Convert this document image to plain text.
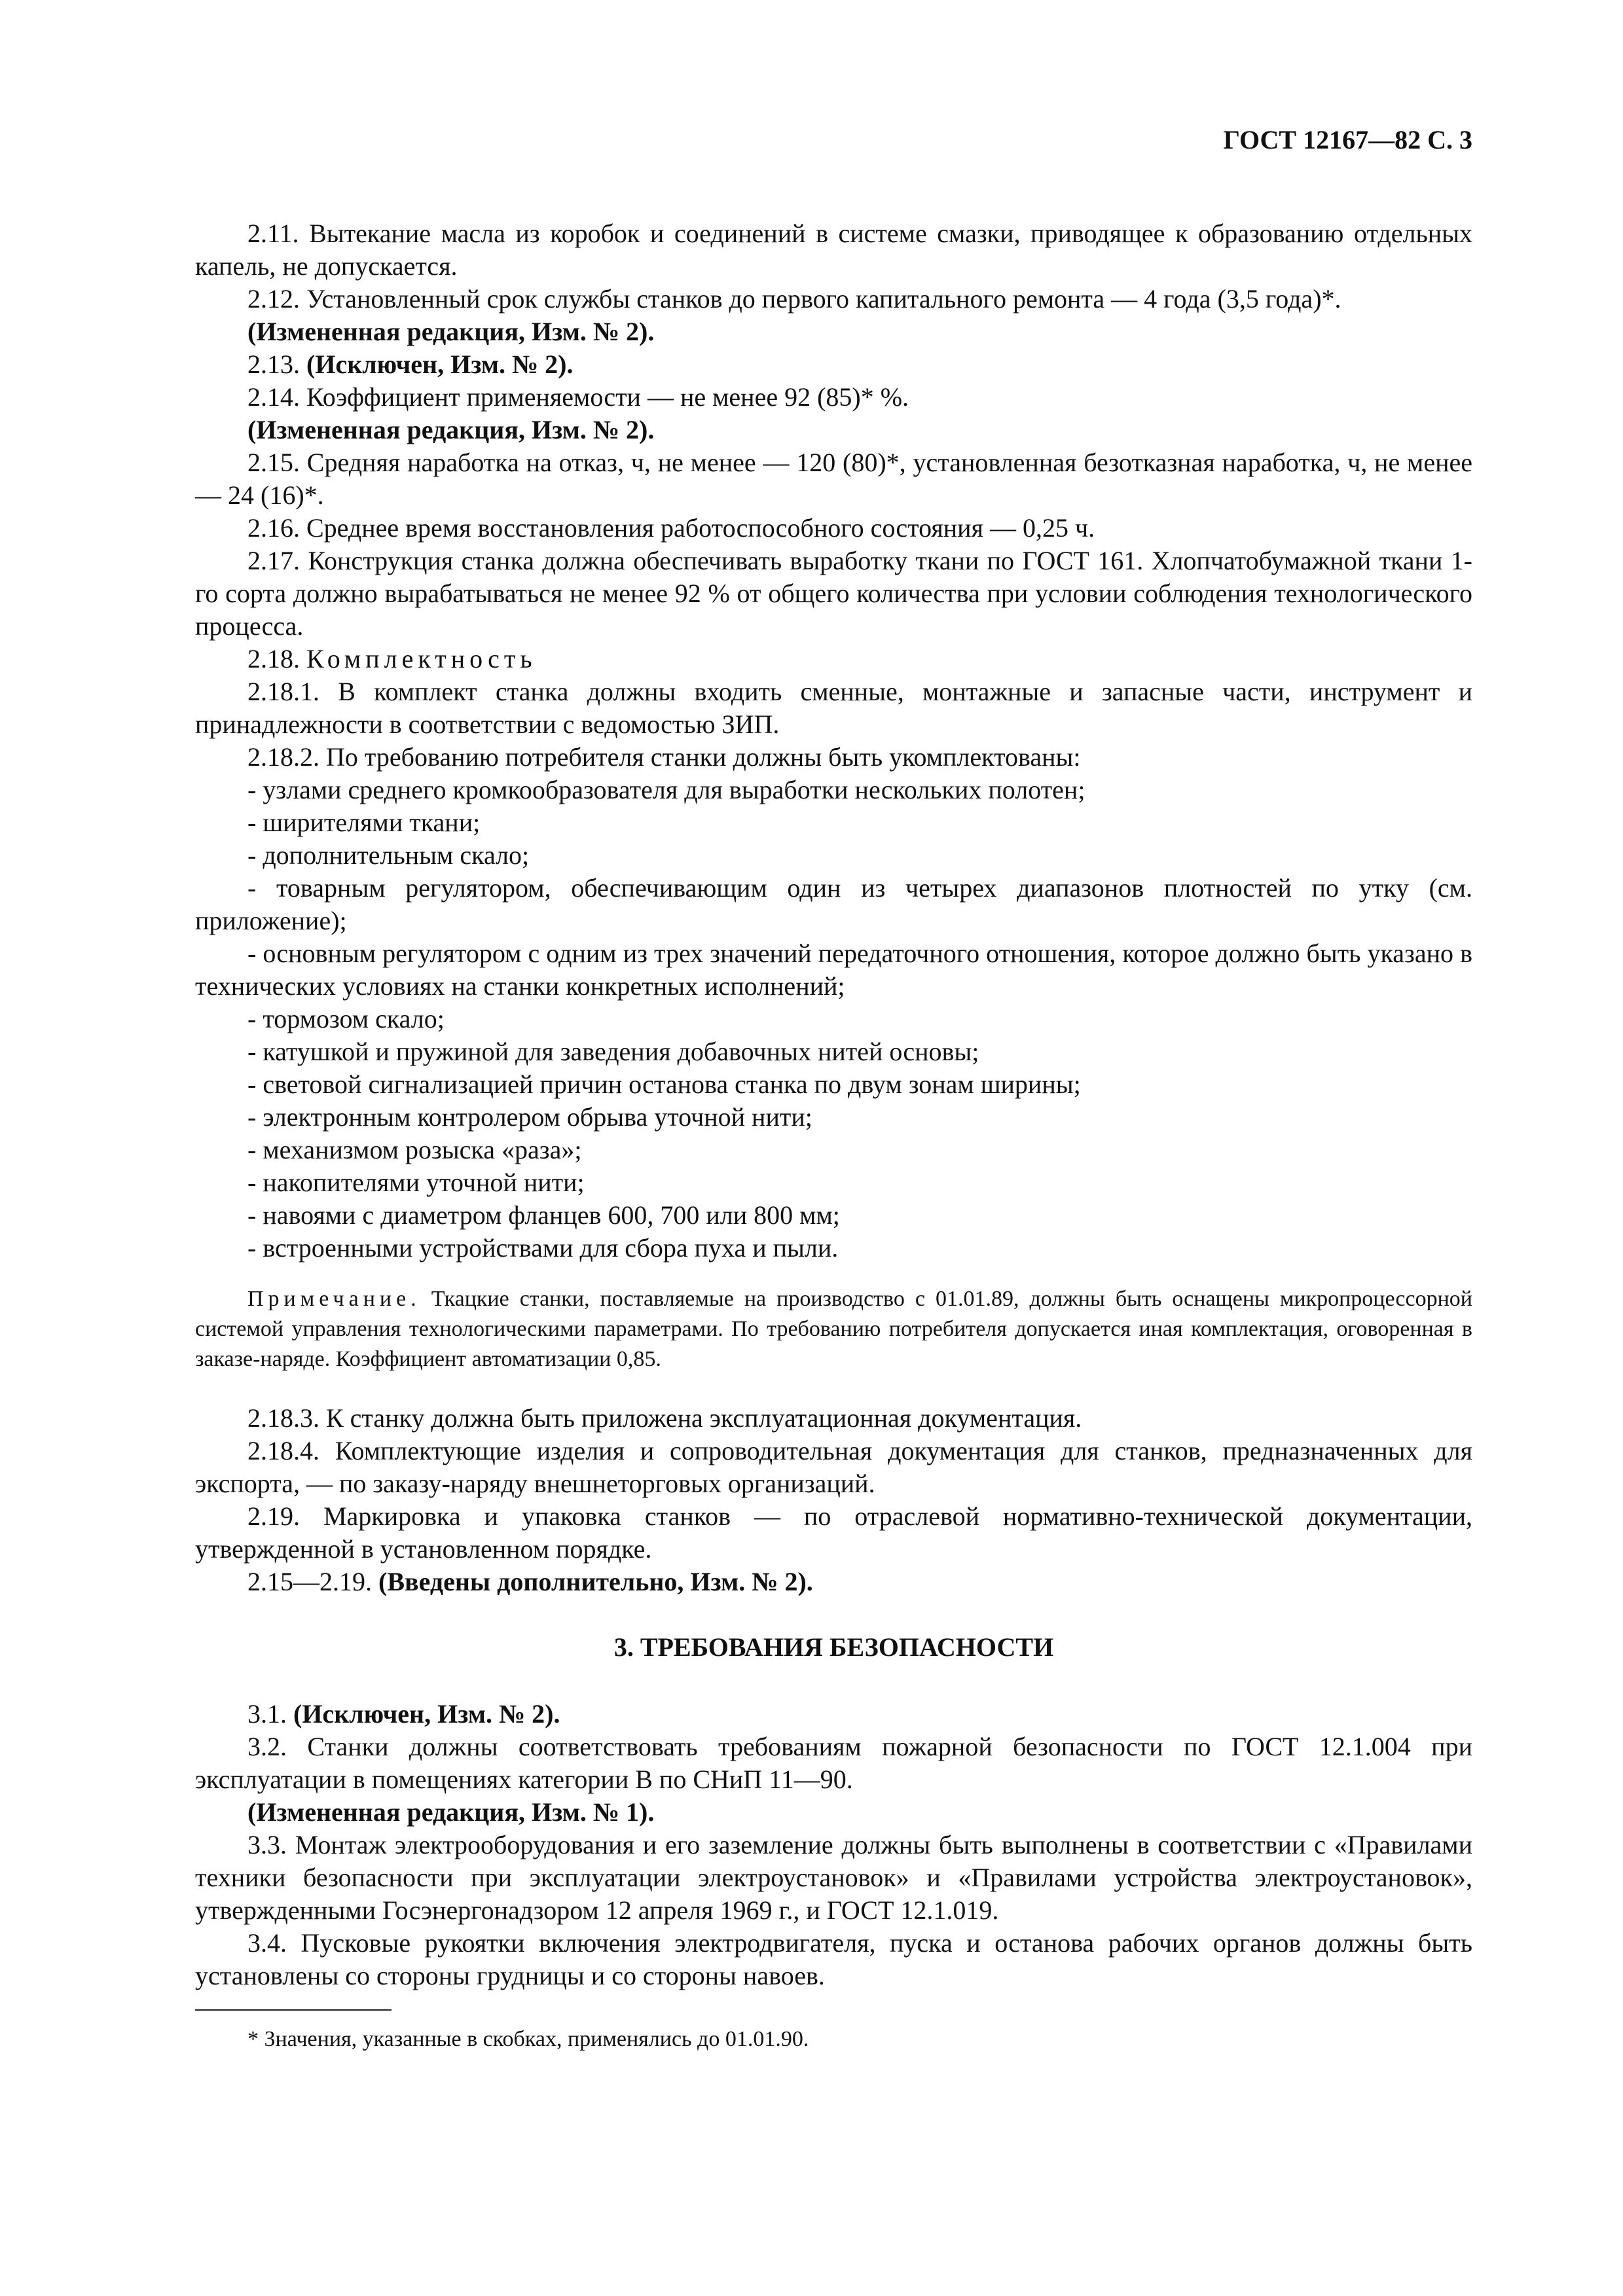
ГОСТ 12167—82 С. 3

2.11. Вытекание масла из коробок и соединений в системе смазки, приводящее к образованию отдельных капель, не допускается.

2.12. Установленный срок службы станков до первого капитального ремонта — 4 года (3,5 года)*.

(Измененная редакция, Изм. № 2).

2.13. (Исключен, Изм. № 2).

2.14. Коэффициент применяемости — не менее 92 (85)* %.

(Измененная редакция, Изм. № 2).

2.15. Средняя наработка на отказ, ч, не менее — 120 (80)*, установленная безотказная наработка, ч, не менее — 24 (16)*.

2.16. Среднее время восстановления работоспособного состояния — 0,25 ч.

2.17. Конструкция станка должна обеспечивать выработку ткани по ГОСТ 161. Хлопчатобумажной ткани 1-го сорта должно вырабатываться не менее 92 % от общего количества при условии соблюдения технологического процесса.

2.18. Комплектность

2.18.1. В комплект станка должны входить сменные, монтажные и запасные части, инструмент и принадлежности в соответствии с ведомостью ЗИП.

2.18.2. По требованию потребителя станки должны быть укомплектованы:

- узлами среднего кромкообразователя для выработки нескольких полотен;

- ширителями ткани;

- дополнительным скало;

- товарным регулятором, обеспечивающим один из четырех диапазонов плотностей по утку (см. приложение);

- основным регулятором с одним из трех значений передаточного отношения, которое должно быть указано в технических условиях на станки конкретных исполнений;

- тормозом скало;

- катушкой и пружиной для заведения добавочных нитей основы;

- световой сигнализацией причин останова станка по двум зонам ширины;

- электронным контролером обрыва уточной нити;

- механизмом розыска «раза»;

- накопителями уточной нити;

- навоями с диаметром фланцев 600, 700 или 800 мм;

- встроенными устройствами для сбора пуха и пыли.

Примечание. Ткацкие станки, поставляемые на производство с 01.01.89, должны быть оснащены микропроцессорной системой управления технологическими параметрами. По требованию потребителя допускается иная комплектация, оговоренная в заказе-наряде. Коэффициент автоматизации 0,85.

2.18.3. К станку должна быть приложена эксплуатационная документация.

2.18.4. Комплектующие изделия и сопроводительная документация для станков, предназначенных для экспорта, — по заказу-наряду внешнеторговых организаций.

2.19. Маркировка и упаковка станков — по отраслевой нормативно-технической документации, утвержденной в установленном порядке.

2.15—2.19. (Введены дополнительно, Изм. № 2).

3. ТРЕБОВАНИЯ БЕЗОПАСНОСТИ

3.1. (Исключен, Изм. № 2).

3.2. Станки должны соответствовать требованиям пожарной безопасности по ГОСТ 12.1.004 при эксплуатации в помещениях категории В по СНиП 11—90.

(Измененная редакция, Изм. № 1).

3.3. Монтаж электрооборудования и его заземление должны быть выполнены в соответствии с «Правилами техники безопасности при эксплуатации электроустановок» и «Правилами устройства электроустановок», утвержденными Госэнергонадзором 12 апреля 1969 г., и ГОСТ 12.1.019.

3.4. Пусковые рукоятки включения электродвигателя, пуска и останова рабочих органов должны быть установлены со стороны грудницы и со стороны навоев.

* Значения, указанные в скобках, применялись до 01.01.90.
